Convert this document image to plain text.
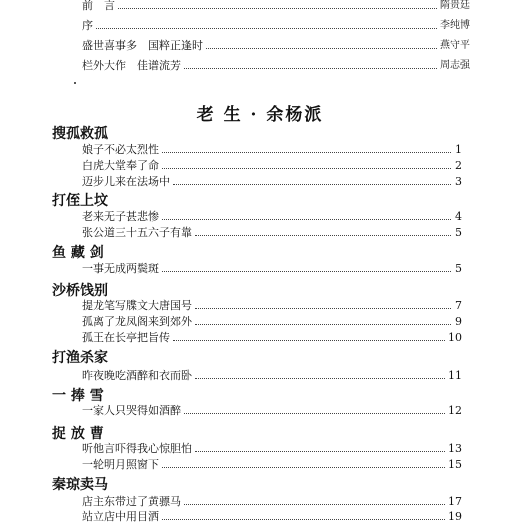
前　言	隋贵廷
序	李纯博
盛世喜事多　国粹正逢时	燕守平
栏外大作　佳谱流芳	周志强
老 生 · 余杨派
搜孤救孤
娘子不必太烈性	1
白虎大堂奉了命	2
迈步儿来在法场中	3
打侄上坟
老来无子甚悲惨	4
张公道三十五六子有靠	5
鱼 藏 剑
一事无成两鬓斑	5
沙桥饯别
提龙笔写牒文大唐国号	7
孤离了龙凤阁来到郊外	9
孤王在长亭把旨传	10
打渔杀家
昨夜晚吃酒醉和衣而卧	11
一 捧 雪
一家人只哭得如酒醉	12
捉 放 曹
听他言吓得我心惊胆怕	13
一轮明月照窗下	15
秦琼卖马
店主东带过了黄骠马	17
站立店中用目洒	19
